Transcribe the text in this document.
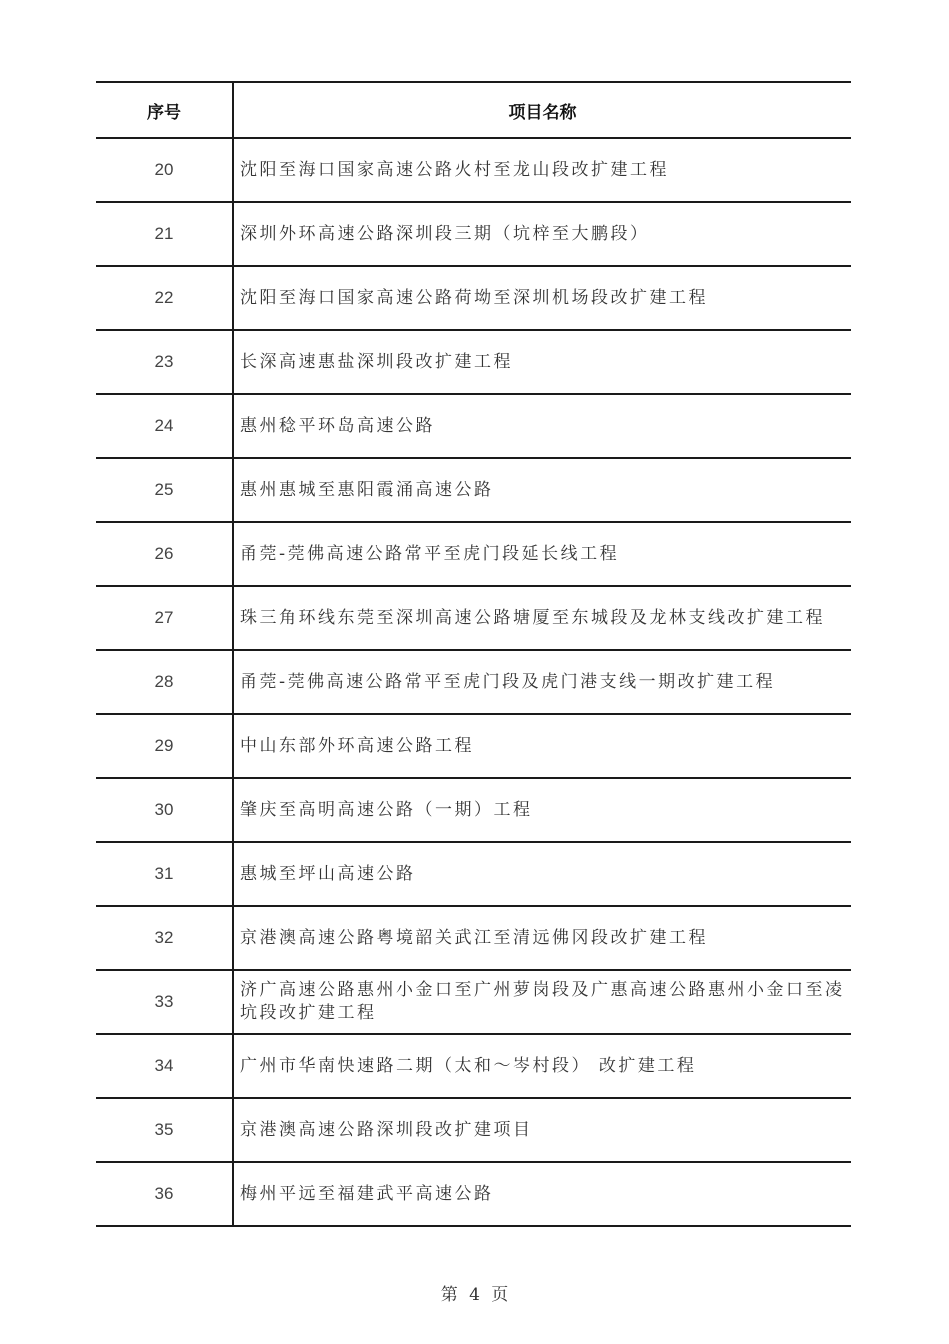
序号	项目名称
20	沈阳至海口国家高速公路火村至龙山段改扩建工程
21	深圳外环高速公路深圳段三期（坑梓至大鹏段）
22	沈阳至海口国家高速公路荷坳至深圳机场段改扩建工程
23	长深高速惠盐深圳段改扩建工程
24	惠州稔平环岛高速公路
25	惠州惠城至惠阳霞涌高速公路
26	甬莞-莞佛高速公路常平至虎门段延长线工程
27	珠三角环线东莞至深圳高速公路塘厦至东城段及龙林支线改扩建工程
28	甬莞-莞佛高速公路常平至虎门段及虎门港支线一期改扩建工程
29	中山东部外环高速公路工程
30	肇庆至高明高速公路（一期）工程
31	惠城至坪山高速公路
32	京港澳高速公路粤境韶关武江至清远佛冈段改扩建工程
33	济广高速公路惠州小金口至广州萝岗段及广惠高速公路惠州小金口至凌坑段改扩建工程
34	广州市华南快速路二期（太和～岑村段） 改扩建工程
35	京港澳高速公路深圳段改扩建项目
36	梅州平远至福建武平高速公路
第 4 页
